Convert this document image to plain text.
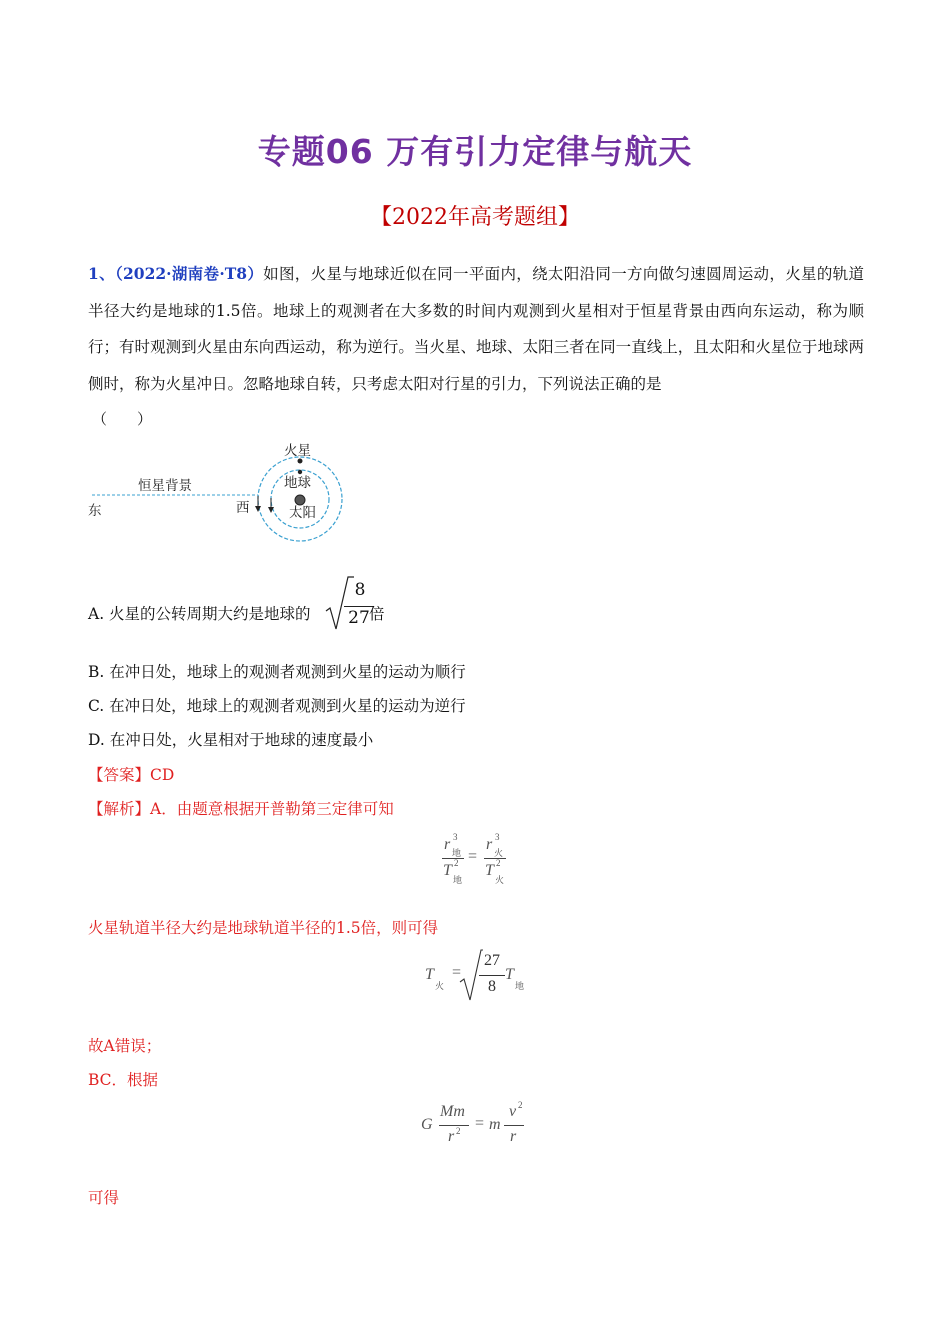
专题06 万有引力定律与航天
【2022年高考题组】
1、（2022·湖南卷·T8）如图，火星与地球近似在同一平面内，绕太阳沿同一方向做匀速圆周运动，火星的轨道半径大约是地球的1.5倍。地球上的观测者在大多数的时间内观测到火星相对于恒星背景由西向东运动，称为顺行；有时观测到火星由东向西运动，称为逆行。当火星、地球、太阳三者在同一直线上，且太阳和火星位于地球两侧时，称为火星冲日。忽略地球自转，只考虑太阳对行星的引力，下列说法正确的是
（　　）
火星
地球
太阳
恒星背景
东	西
A. 火星的公转周期大约是地球的
8
27 倍
B. 在冲日处，地球上的观测者观测到火星的运动为顺行
C. 在冲日处，地球上的观测者观测到火星的运动为逆行
D. 在冲日处，火星相对于地球的速度最小
【答案】CD
【解析】A．由题意根据开普勒第三定律可知
r 3
地
T 2
地
=
r 3
火
T 2
火
火星轨道半径大约是地球轨道半径的1.5倍，则可得
T
火
=
27
8
T
地
故A错误；
BC．根据
G
Mm
r 2 = m
v 2
r
可得
